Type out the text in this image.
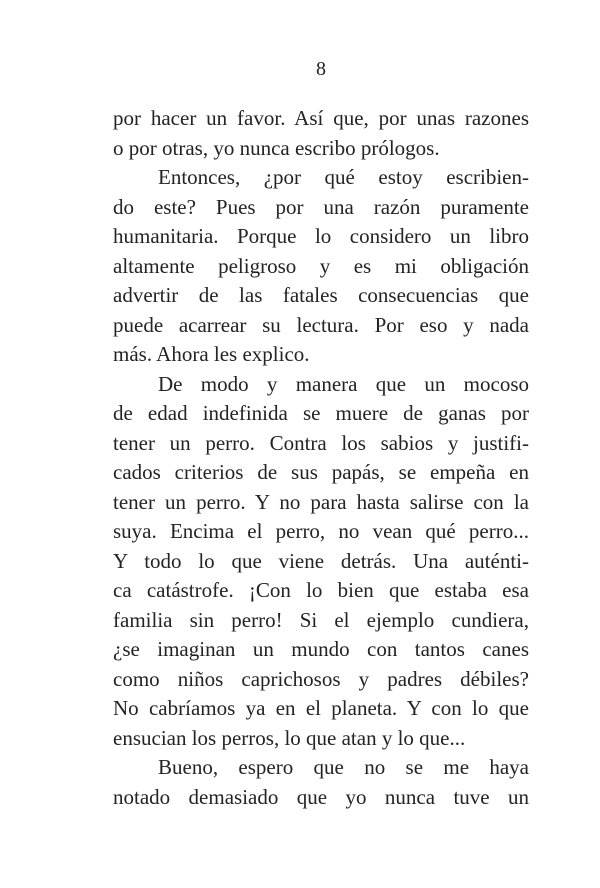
8
por hacer un favor. Así que, por unas razones
o por otras, yo nunca escribo prólogos.
Entonces, ¿por qué estoy escribien-
do este? Pues por una razón puramente
humanitaria. Porque lo considero un libro
altamente peligroso y es mi obligación
advertir de las fatales consecuencias que
puede acarrear su lectura. Por eso y nada
más. Ahora les explico.
De modo y manera que un mocoso
de edad indefinida se muere de ganas por
tener un perro. Contra los sabios y justifi-
cados criterios de sus papás, se empeña en
tener un perro. Y no para hasta salirse con la
suya. Encima el perro, no vean qué perro...
Y todo lo que viene detrás. Una auténti-
ca catástrofe. ¡Con lo bien que estaba esa
familia sin perro! Si el ejemplo cundiera,
¿se imaginan un mundo con tantos canes
como niños caprichosos y padres débiles?
No cabríamos ya en el planeta. Y con lo que
ensucian los perros, lo que atan y lo que...
Bueno, espero que no se me haya
notado demasiado que yo nunca tuve un
